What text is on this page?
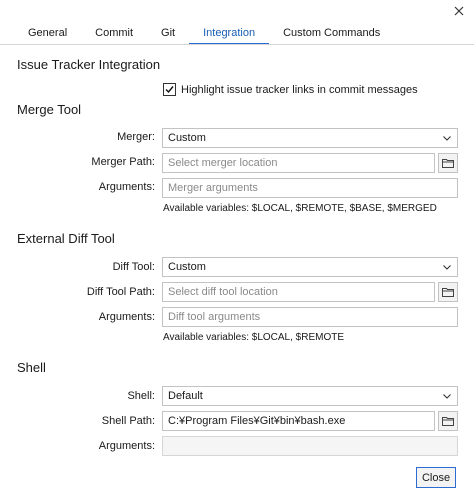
General	Commit	Git	Integration	Custom Commands
Issue Tracker Integration
Highlight issue tracker links in commit messages
Merge Tool
Merger: Custom
Merger Path: Select merger location
Arguments: Merger arguments
Available variables: $LOCAL, $REMOTE, $BASE, $MERGED
External Diff Tool
Diff Tool: Custom
Diff Tool Path: Select diff tool location
Arguments: Diff tool arguments
Available variables: $LOCAL, $REMOTE
Shell
Shell: Default
Shell Path: C:¥Program Files¥Git¥bin¥bash.exe
Arguments:
Close
